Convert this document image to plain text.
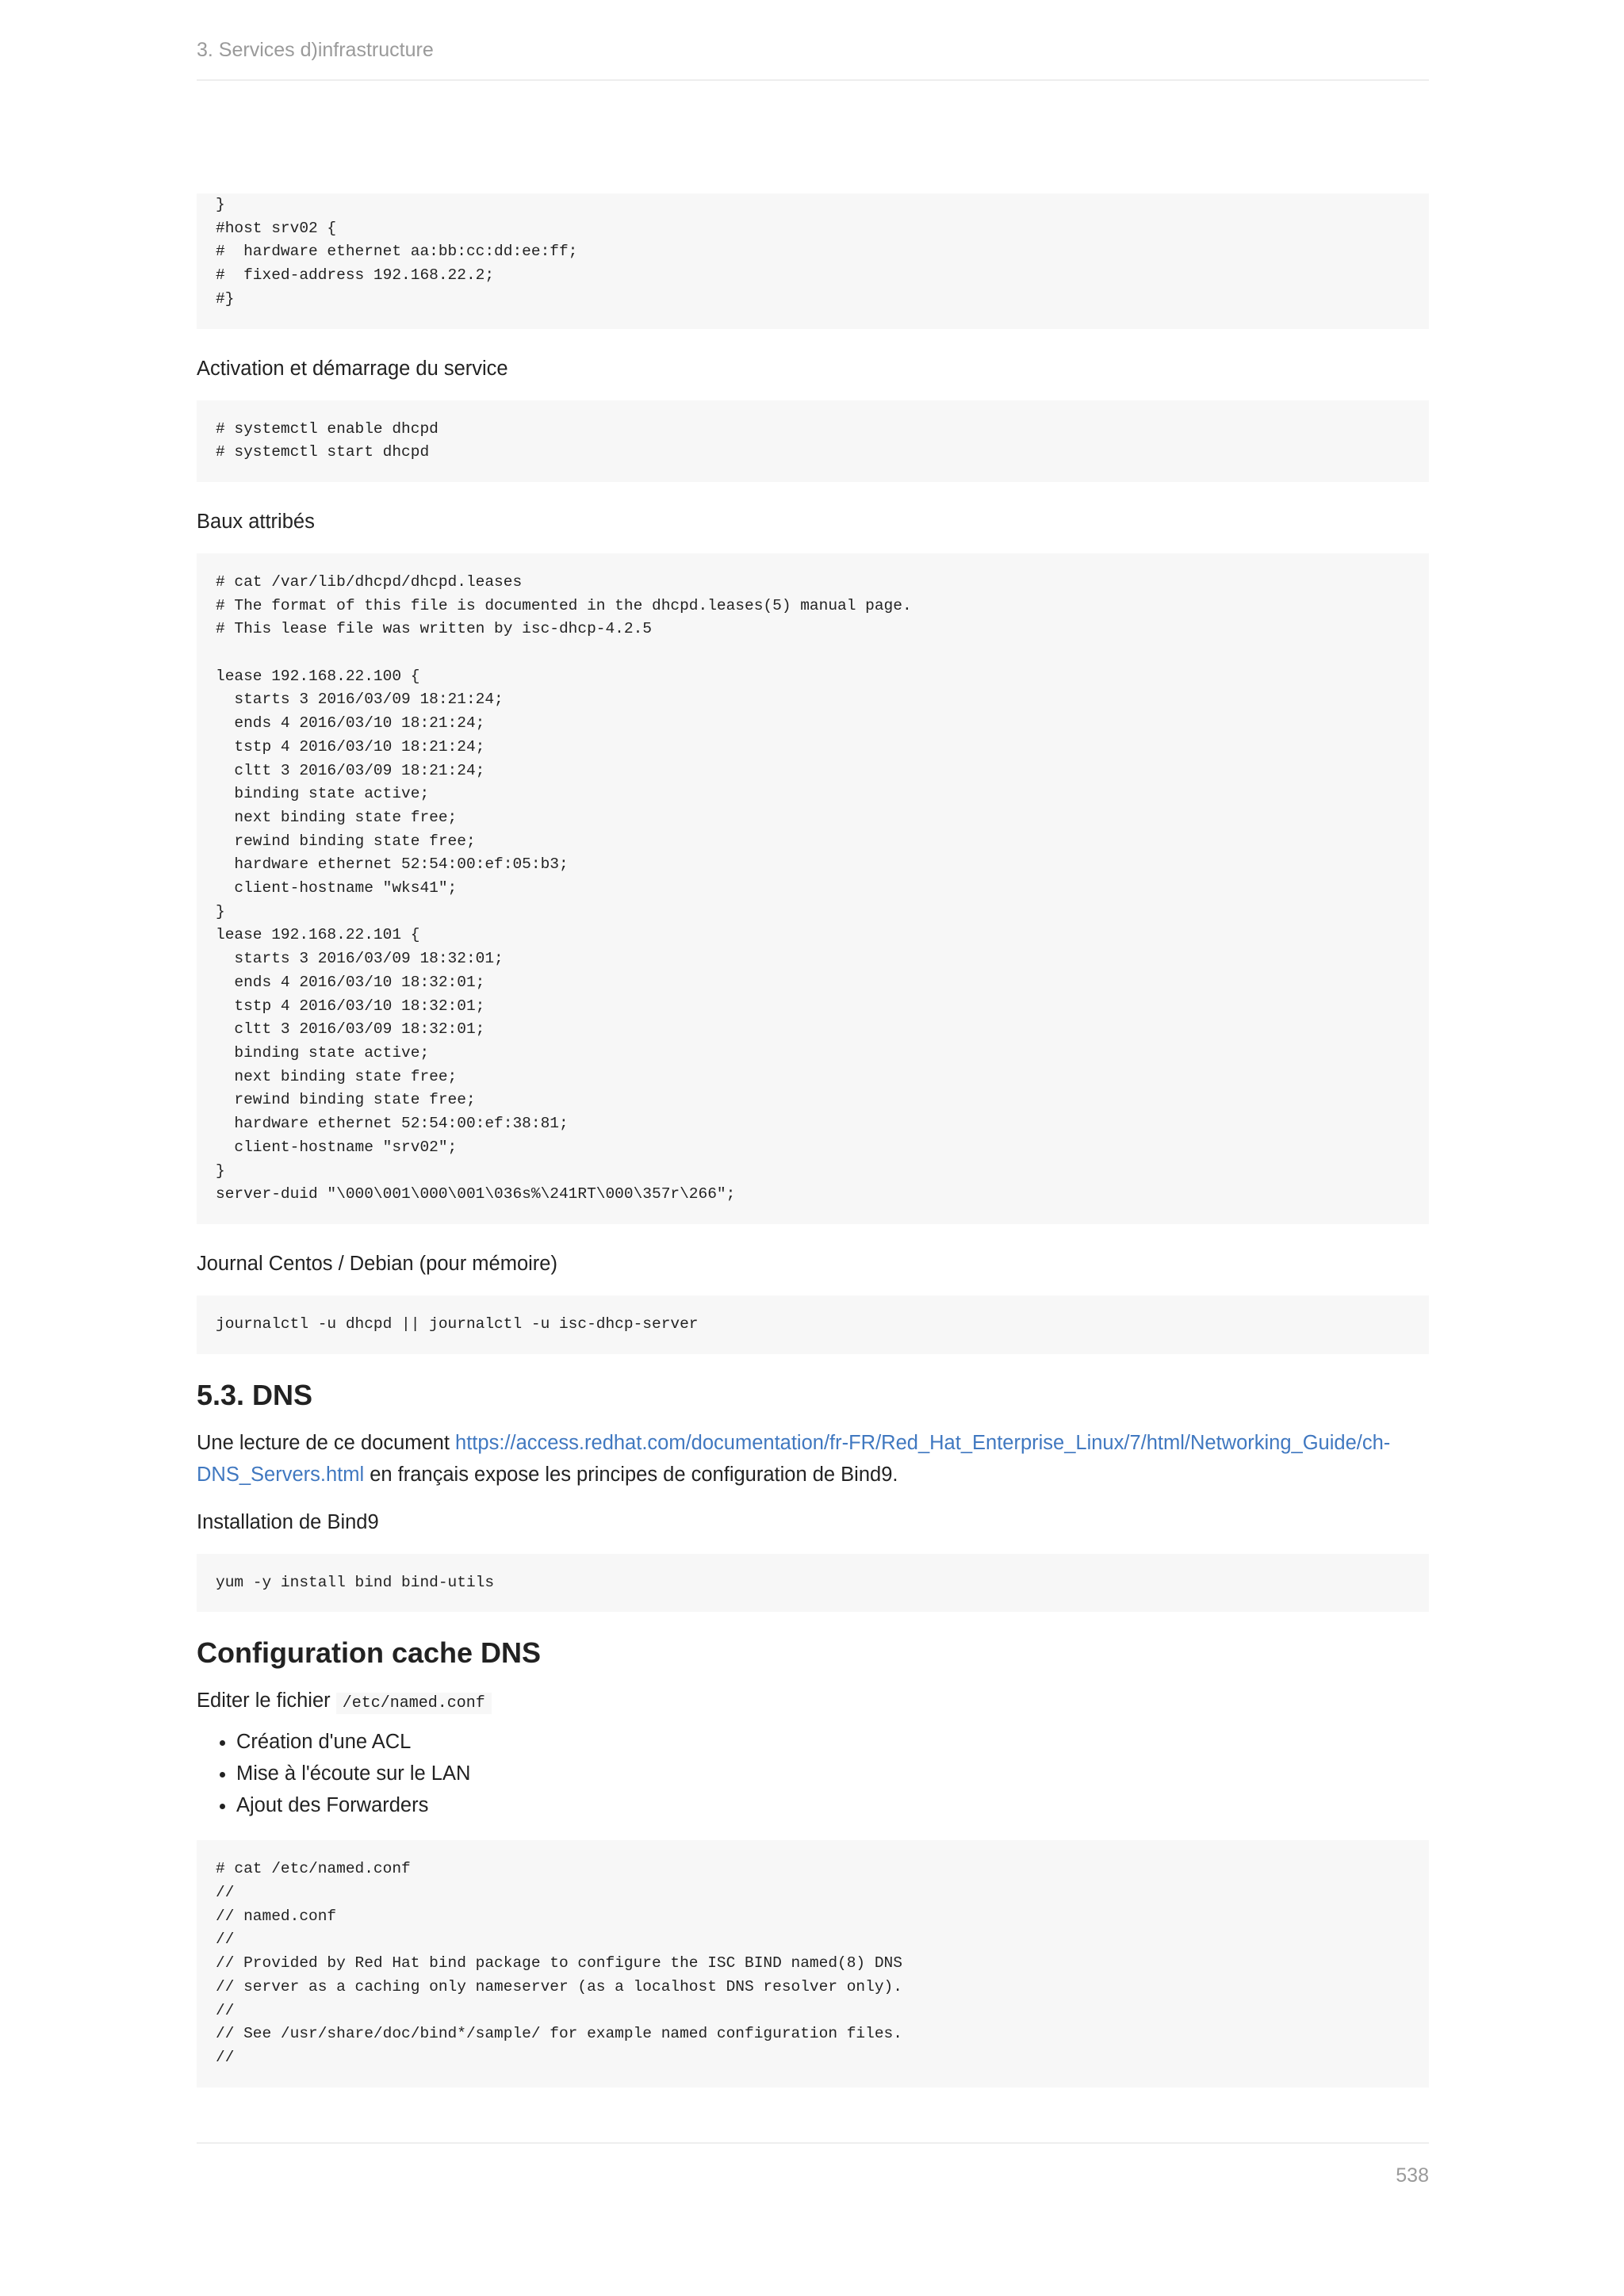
3. Services d)infrastructure
}
#host srv02 {
#  hardware ethernet aa:bb:cc:dd:ee:ff;
#  fixed-address 192.168.22.2;
#}

Activation et démarrage du service

# systemctl enable dhcpd
# systemctl start dhcpd

Baux attribés

# cat /var/lib/dhcpd/dhcpd.leases
# The format of this file is documented in the dhcpd.leases(5) manual page.
# This lease file was written by isc-dhcp-4.2.5

lease 192.168.22.100 {
starts 3 2016/03/09 18:21:24;
ends 4 2016/03/10 18:21:24;
tstp 4 2016/03/10 18:21:24;
cltt 3 2016/03/09 18:21:24;
binding state active;
next binding state free;
rewind binding state free;
hardware ethernet 52:54:00:ef:05:b3;
client-hostname "wks41";
}
lease 192.168.22.101 {
starts 3 2016/03/09 18:32:01;
ends 4 2016/03/10 18:32:01;
tstp 4 2016/03/10 18:32:01;
cltt 3 2016/03/09 18:32:01;
binding state active;
next binding state free;
rewind binding state free;
hardware ethernet 52:54:00:ef:38:81;
client-hostname "srv02";
}
server-duid "\000\001\000\001\036s%\241RT\000\357r\266";

Journal Centos / Debian (pour mémoire)

journalctl -u dhcpd || journalctl -u isc-dhcp-server
5.3. DNS

Une lecture de ce document https://access.redhat.com/documentation/fr-FR/Red_Hat_Enterprise_Linux/7/html/Networking_Guide/ch-DNS_Servers.html en français expose les principes de configuration de Bind9.

Installation de Bind9

yum -y install bind bind-utils
Configuration cache DNS

Editer le fichier /etc/named.conf

• Création d'une ACL
• Mise à l'écoute sur le LAN
• Ajout des Forwarders
# cat /etc/named.conf
//
// named.conf
//
// Provided by Red Hat bind package to configure the ISC BIND named(8) DNS
// server as a caching only nameserver (as a localhost DNS resolver only).
//
// See /usr/share/doc/bind*/sample/ for example named configuration files.
//
538
